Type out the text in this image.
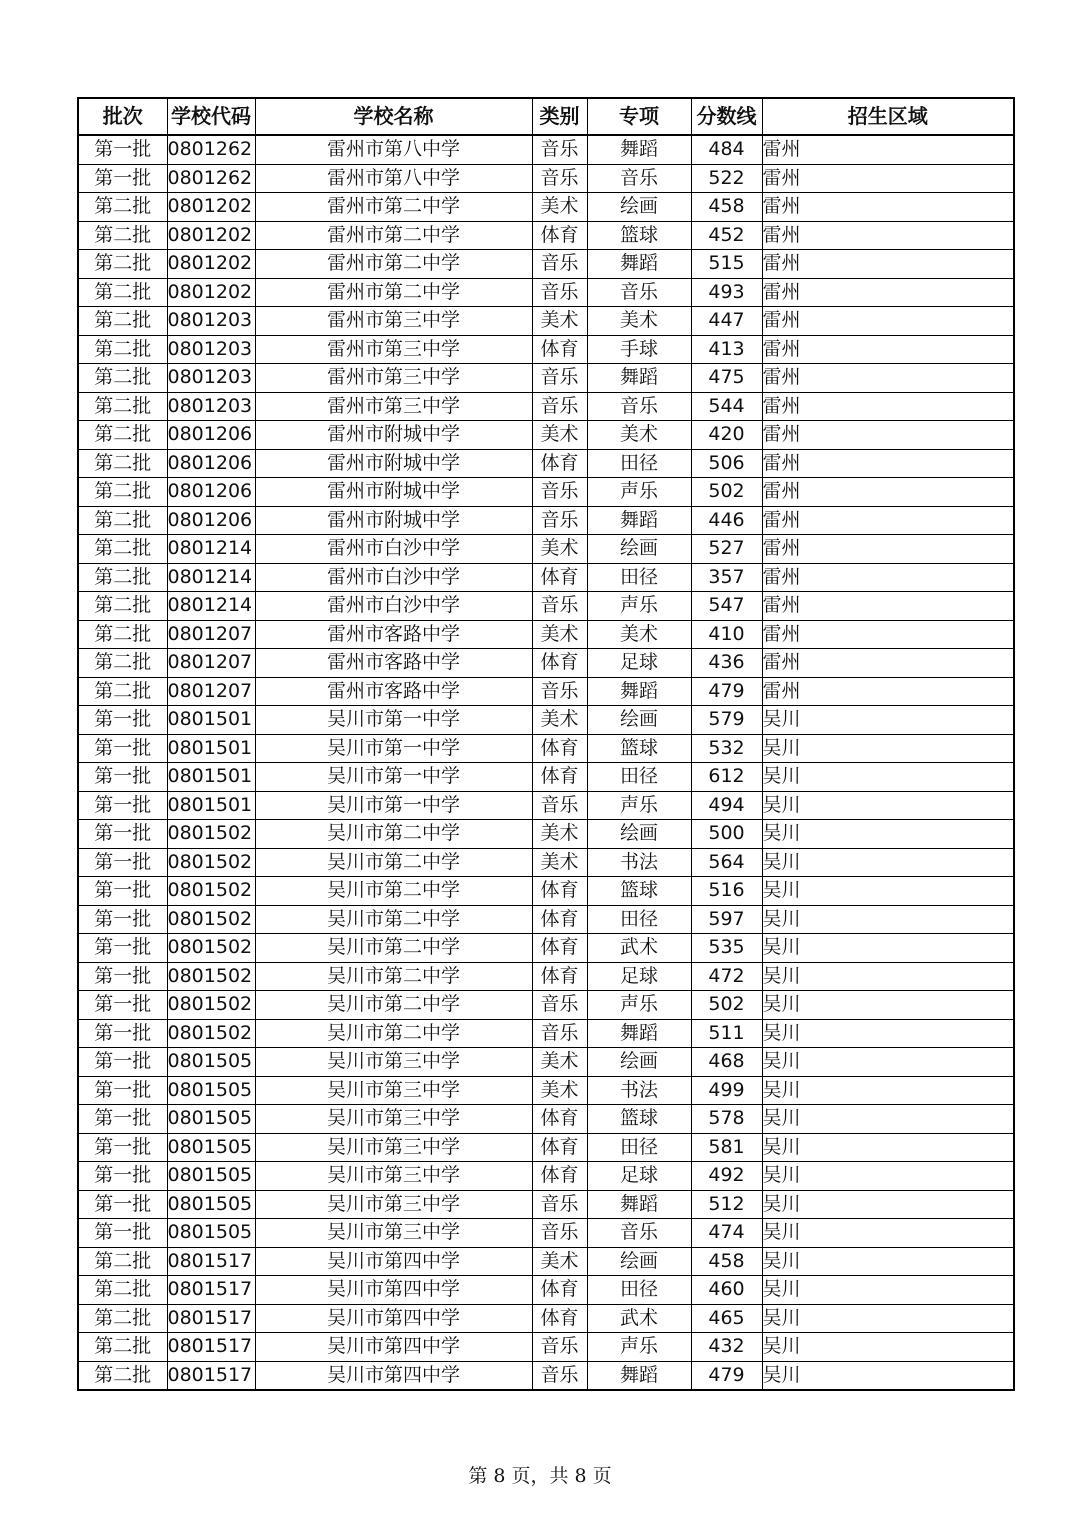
批次	学校代码	学校名称	类别	专项	分数线	招生区域
第一批	0801262	雷州市第八中学	音乐	舞蹈	484	雷州
第一批	0801262	雷州市第八中学	音乐	音乐	522	雷州
第二批	0801202	雷州市第二中学	美术	绘画	458	雷州
第二批	0801202	雷州市第二中学	体育	篮球	452	雷州
第二批	0801202	雷州市第二中学	音乐	舞蹈	515	雷州
第二批	0801202	雷州市第二中学	音乐	音乐	493	雷州
第二批	0801203	雷州市第三中学	美术	美术	447	雷州
第二批	0801203	雷州市第三中学	体育	手球	413	雷州
第二批	0801203	雷州市第三中学	音乐	舞蹈	475	雷州
第二批	0801203	雷州市第三中学	音乐	音乐	544	雷州
第二批	0801206	雷州市附城中学	美术	美术	420	雷州
第二批	0801206	雷州市附城中学	体育	田径	506	雷州
第二批	0801206	雷州市附城中学	音乐	声乐	502	雷州
第二批	0801206	雷州市附城中学	音乐	舞蹈	446	雷州
第二批	0801214	雷州市白沙中学	美术	绘画	527	雷州
第二批	0801214	雷州市白沙中学	体育	田径	357	雷州
第二批	0801214	雷州市白沙中学	音乐	声乐	547	雷州
第二批	0801207	雷州市客路中学	美术	美术	410	雷州
第二批	0801207	雷州市客路中学	体育	足球	436	雷州
第二批	0801207	雷州市客路中学	音乐	舞蹈	479	雷州
第一批	0801501	吴川市第一中学	美术	绘画	579	吴川
第一批	0801501	吴川市第一中学	体育	篮球	532	吴川
第一批	0801501	吴川市第一中学	体育	田径	612	吴川
第一批	0801501	吴川市第一中学	音乐	声乐	494	吴川
第一批	0801502	吴川市第二中学	美术	绘画	500	吴川
第一批	0801502	吴川市第二中学	美术	书法	564	吴川
第一批	0801502	吴川市第二中学	体育	篮球	516	吴川
第一批	0801502	吴川市第二中学	体育	田径	597	吴川
第一批	0801502	吴川市第二中学	体育	武术	535	吴川
第一批	0801502	吴川市第二中学	体育	足球	472	吴川
第一批	0801502	吴川市第二中学	音乐	声乐	502	吴川
第一批	0801502	吴川市第二中学	音乐	舞蹈	511	吴川
第一批	0801505	吴川市第三中学	美术	绘画	468	吴川
第一批	0801505	吴川市第三中学	美术	书法	499	吴川
第一批	0801505	吴川市第三中学	体育	篮球	578	吴川
第一批	0801505	吴川市第三中学	体育	田径	581	吴川
第一批	0801505	吴川市第三中学	体育	足球	492	吴川
第一批	0801505	吴川市第三中学	音乐	舞蹈	512	吴川
第一批	0801505	吴川市第三中学	音乐	音乐	474	吴川
第二批	0801517	吴川市第四中学	美术	绘画	458	吴川
第二批	0801517	吴川市第四中学	体育	田径	460	吴川
第二批	0801517	吴川市第四中学	体育	武术	465	吴川
第二批	0801517	吴川市第四中学	音乐	声乐	432	吴川
第二批	0801517	吴川市第四中学	音乐	舞蹈	479	吴川
第 8 页，共 8 页
